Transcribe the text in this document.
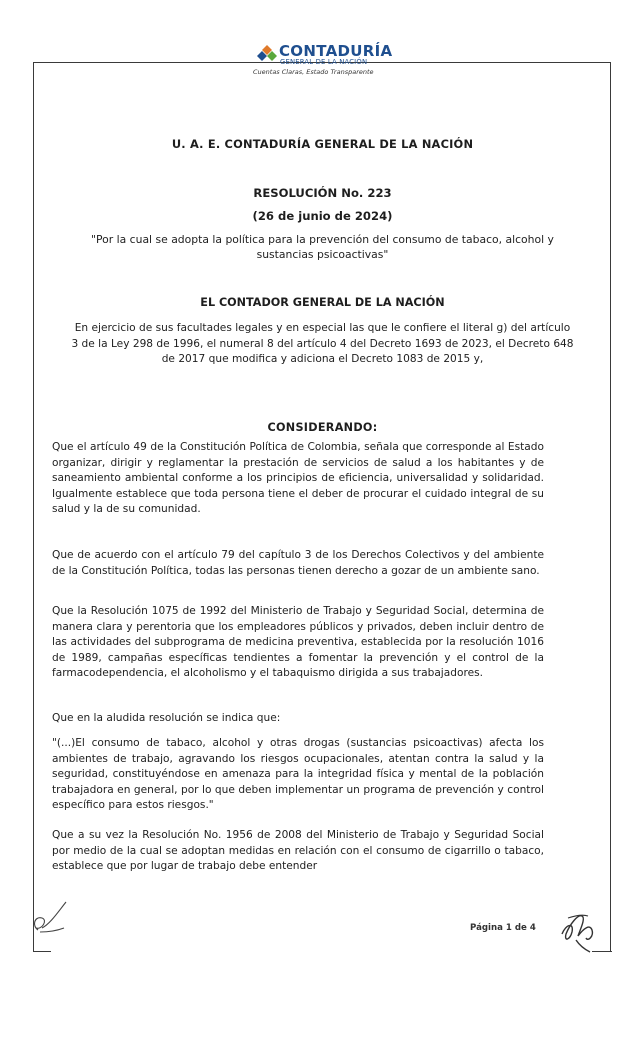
CONTADURÍA
GENERAL DE LA NACIÓN
Cuentas Claras, Estado Transparente
U. A. E. CONTADURÍA GENERAL DE LA NACIÓN
RESOLUCIÓN No. 223
(26 de junio de 2024)
"Por la cual se adopta la política para la prevención del consumo de tabaco, alcohol y sustancias psicoactivas"
EL CONTADOR GENERAL DE LA NACIÓN
En ejercicio de sus facultades legales y en especial las que le confiere el literal g) del artículo 3 de la Ley 298 de 1996, el numeral 8 del artículo 4 del Decreto 1693 de 2023, el Decreto 648 de 2017 que modifica y adiciona el Decreto 1083 de 2015 y,
CONSIDERANDO:

Que el artículo 49 de la Constitución Política de Colombia, señala que corresponde al Estado organizar, dirigir y reglamentar la prestación de servicios de salud a los habitantes y de saneamiento ambiental conforme a los principios de eficiencia, universalidad y solidaridad. Igualmente establece que toda persona tiene el deber de procurar el cuidado integral de su salud y la de su comunidad.

Que de acuerdo con el artículo 79 del capítulo 3 de los Derechos Colectivos y del ambiente de la Constitución Política, todas las personas tienen derecho a gozar de un ambiente sano.

Que la Resolución 1075 de 1992 del Ministerio de Trabajo y Seguridad Social, determina de manera clara y perentoria que los empleadores públicos y privados, deben incluir dentro de las actividades del subprograma de medicina preventiva, establecida por la resolución 1016 de 1989, campañas específicas tendientes a fomentar la prevención y el control de la farmacodependencia, el alcoholismo y el tabaquismo dirigida a sus trabajadores.

Que en la aludida resolución se indica que:

"(...)El consumo de tabaco, alcohol y otras drogas (sustancias psicoactivas) afecta los ambientes de trabajo, agravando los riesgos ocupacionales, atentan contra la salud y la seguridad, constituyéndose en amenaza para la integridad física y mental de la población trabajadora en general, por lo que deben implementar un programa de prevención y control específico para estos riesgos."

Que a su vez la Resolución No. 1956 de 2008 del Ministerio de Trabajo y Seguridad Social por medio de la cual se adoptan medidas en relación con el consumo de cigarrillo o tabaco, establece que por lugar de trabajo debe entender

Página 1 de 4
